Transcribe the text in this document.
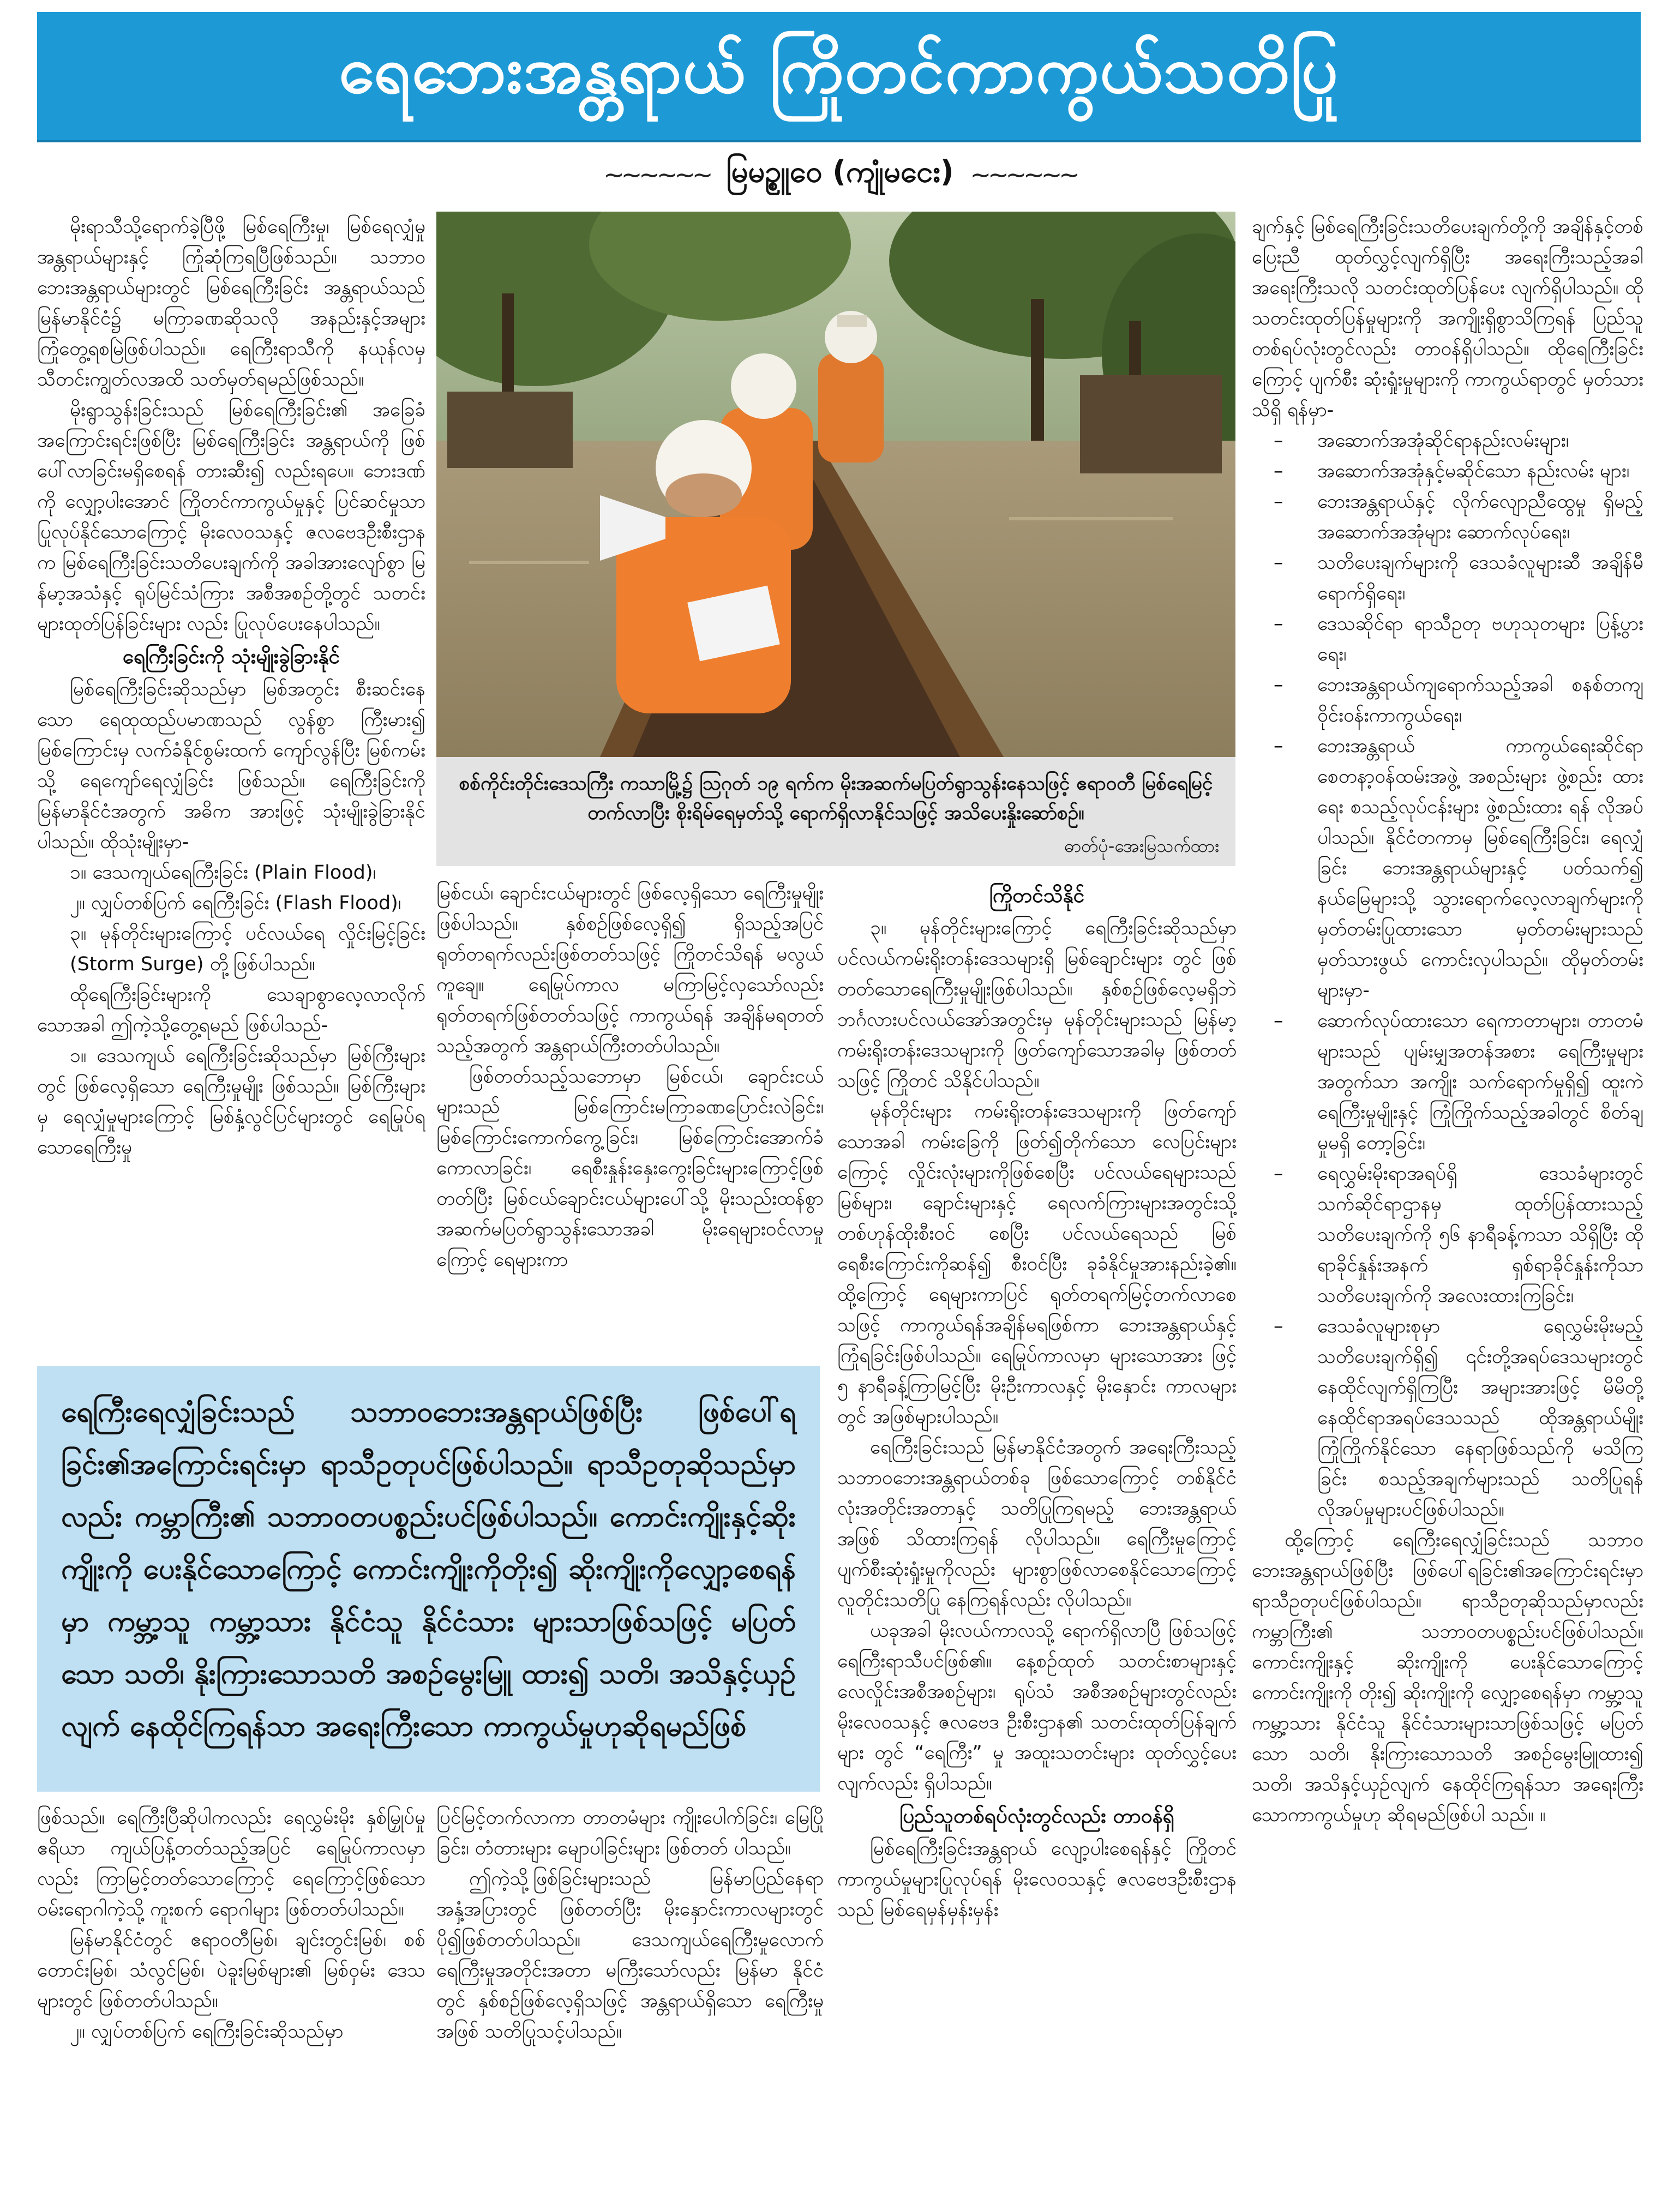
ရေဘေးအန္တရာယ် ကြိုတင်ကာကွယ်သတိပြု
~~~~~~ မြမဥ္စူဝေ (ကျုံမငေး) ~~~~~~

မိုးရာသီသို့ရောက်ခဲ့ပြီဖို့ မြစ်ရေကြီးမှု၊ မြစ်ရေလျှံမှု အန္တရာယ်များနှင့် ကြုံဆုံကြရပြီဖြစ်သည်။ သဘာဝဘေးအန္တရာယ်များတွင် မြစ်ရေကြီးခြင်း အန္တရာယ်သည် မြန်မာနိုင်ငံ၌ မကြာခဏဆိုသလို အနည်းနှင့်အများ ကြုံတွေ့ရစမြဲဖြစ်ပါသည်။ ရေကြီးရာသီကို နယုန်လမှ သီတင်းကျွတ်လအထိ သတ်မှတ်ရမည်ဖြစ်သည်။

မိုးရွာသွန်းခြင်းသည် မြစ်ရေကြီးခြင်း၏ အခြေခံအကြောင်းရင်းဖြစ်ပြီး မြစ်ရေကြီးခြင်း အန္တရာယ်ကို ဖြစ်ပေါ်လာခြင်းမရှိစေရန် တားဆီး၍ လည်းရပေ။ ဘေးဒဏ်ကို လျှော့ပါးအောင် ကြိုတင်ကာကွယ်မှုနှင့် ပြင်ဆင်မှုသာ ပြုလုပ်နိုင်သောကြောင့် မိုးလေဝသနှင့် ဇလဗေဒဦးစီးဌာနက မြစ်ရေကြီးခြင်းသတိပေးချက်ကို အခါအားလျော်စွာ မြန်မာ့အသံနှင့် ရုပ်မြင်သံကြား အစီအစဉ်တို့တွင် သတင်းများထုတ်ပြန်ခြင်းများ လည်း ပြုလုပ်ပေးနေပါသည်။

ရေကြီးခြင်းကို သုံးမျိုးခွဲခြားနိုင်

မြစ်ရေကြီးခြင်းဆိုသည်မှာ မြစ်အတွင်း စီးဆင်းနေသော ရေထုထည်ပမာဏသည် လွန်စွာ ကြီးမား၍ မြစ်ကြောင်းမှ လက်ခံနိုင်စွမ်းထက် ကျော်လွန်ပြီး မြစ်ကမ်းသို့ ရေကျော်ရေလျှံခြင်း ဖြစ်သည်။ ရေကြီးခြင်းကို မြန်မာနိုင်ငံအတွက် အဓိက အားဖြင့် သုံးမျိုးခွဲခြားနိုင်ပါသည်။ ထိုသုံးမျိုးမှာ-

၁။ ဒေသကျယ်ရေကြီးခြင်း (Plain Flood)၊

၂။ လျှပ်တစ်ပြက် ရေကြီးခြင်း (Flash Flood)၊

၃။ မုန်တိုင်းများကြောင့် ပင်လယ်ရေ လှိုင်းမြင့်ခြင်း (Storm Surge) တို့ဖြစ်ပါသည်။

ထိုရေကြီးခြင်းများကို သေချာစွာလေ့လာလိုက် သောအခါ ဤကဲ့သို့တွေ့ရမည် ဖြစ်ပါသည်-

၁။ ဒေသကျယ် ရေကြီးခြင်းဆိုသည်မှာ မြစ်ကြီးများတွင် ဖြစ်လေ့ရှိသော ရေကြီးမှုမျိုး ဖြစ်သည်။ မြစ်ကြီးများမှ ရေလျှံမှုများကြောင့် မြစ်နှံ့လွင်ပြင်များတွင် ရေမြုပ်ရသောရေကြီးမှု

စစ်ကိုင်းတိုင်းဒေသကြီး ကသာမြို့၌ ဩဂုတ် ၁၉ ရက်က မိုးအဆက်မပြတ်ရွာသွန်းနေသဖြင့် ဧရာဝတီ မြစ်ရေမြင့်တက်လာပြီး စိုးရိမ်ရေမှတ်သို့ ရောက်ရှိလာနိုင်သဖြင့် အသိပေးနှိုးဆော်စဉ်။
ဓာတ်ပုံ-အေးမြသက်ထား

မြစ်ငယ်၊ ချောင်းငယ်များတွင် ဖြစ်လေ့ရှိသော ရေကြီးမှုမျိုးဖြစ်ပါသည်။ နှစ်စဉ်ဖြစ်လေ့ရှိ၍ ရှိသည့်အပြင် ရုတ်တရက်လည်းဖြစ်တတ်သဖြင့် ကြိုတင်သိရန် မလွယ်ကူချေ။ ရေမြုပ်ကာလ မကြာမြင့်လှသော်လည်း ရုတ်တရက်ဖြစ်တတ်သဖြင့် ကာကွယ်ရန် အချိန်မရတတ်သည့်အတွက် အန္တရာယ်ကြီးတတ်ပါသည်။

ဖြစ်တတ်သည့်သဘောမှာ မြစ်ငယ်၊ ချောင်းငယ်များသည် မြစ်ကြောင်းမကြာခဏပြောင်းလဲခြင်း၊ မြစ်ကြောင်းကောက်ကွေ့ခြင်း၊ မြစ်ကြောင်းအောက်ခံကောလာခြင်း၊ ရေစီးနှုန်းနှေးကွေးခြင်းများကြောင့်ဖြစ်တတ်ပြီး မြစ်ငယ်ချောင်းငယ်များပေါ်သို့ မိုးသည်းထန်စွာ အဆက်မပြတ်ရွာသွန်းသောအခါ မိုးရေများဝင်လာမှုကြောင့် ရေများကာ

ကြိုတင်သိနိုင်

၃။ မုန်တိုင်းများကြောင့် ရေကြီးခြင်းဆိုသည်မှာ ပင်လယ်ကမ်းရိုးတန်းဒေသများရှိ မြစ်ချောင်းများ တွင် ဖြစ်တတ်သောရေကြီးမှုမျိုးဖြစ်ပါသည်။ နှစ်စဉ်ဖြစ်လေ့မရှိဘဲ ဘင်္ဂလားပင်လယ်အော်အတွင်းမှ မုန်တိုင်းများသည် မြန်မာ့ကမ်းရိုးတန်းဒေသများကို ဖြတ်ကျော်သောအခါမှ ဖြစ်တတ်သဖြင့် ကြိုတင် သိနိုင်ပါသည်။

မုန်တိုင်းများ ကမ်းရိုးတန်းဒေသများကို ဖြတ်ကျော်သောအခါ ကမ်းခြေကို ဖြတ်၍တိုက်သော လေပြင်းများကြောင့် လှိုင်းလုံးများကိုဖြစ်စေပြီး ပင်လယ်ရေများသည် မြစ်များ၊ ချောင်းများနှင့် ရေလက်ကြားများအတွင်းသို့ တစ်ဟုန်ထိုးစီးဝင် စေပြီး ပင်လယ်ရေသည် မြစ်ရေစီးကြောင်းကိုဆန်၍ စီးဝင်ပြီး ခုခံနိုင်မှုအားနည်းခဲ့၏။ ထို့ကြောင့် ရေများကာပြင် ရုတ်တရက်မြင့်တက်လာစေသဖြင့် ကာကွယ်ရန်အချိန်မရဖြစ်ကာ ဘေးအန္တရာယ်နှင့် ကြုံရခြင်းဖြစ်ပါသည်။ ရေမြုပ်ကာလမှာ များသောအား ဖြင့် ၅ နာရီခန့်ကြာမြင့်ပြီး မိုးဦးကာလနှင့် မိုးနှောင်း ကာလများတွင် အဖြစ်များပါသည်။

ရေကြီးခြင်းသည် မြန်မာနိုင်ငံအတွက် အရေးကြီးသည့် သဘာဝဘေးအန္တရာယ်တစ်ခု ဖြစ်သောကြောင့် တစ်နိုင်ငံလုံးအတိုင်းအတာနှင့် သတိပြုကြရမည့် ဘေးအန္တရာယ်အဖြစ် သိထားကြရန် လိုပါသည်။ ရေကြီးမှုကြောင့် ပျက်စီးဆုံးရှုံးမှုကိုလည်း များစွာဖြစ်လာစေနိုင်သောကြောင့် လူတိုင်းသတိပြု နေကြရန်လည်း လိုပါသည်။

ယခုအခါ မိုးလယ်ကာလသို့ ရောက်ရှိလာပြီ ဖြစ်သဖြင့် ရေကြီးရာသီပင်ဖြစ်၏။ နေ့စဉ်ထုတ် သတင်းစာများနှင့် လေလှိုင်းအစီအစဉ်များ၊ ရုပ်သံ အစီအစဉ်များတွင်လည်း မိုးလေဝသနှင့် ဇလဗေဒ ဦးစီးဌာန၏ သတင်းထုတ်ပြန်ချက်များ တွင် “ရေကြီး” မှု အထူးသတင်းများ ထုတ်လွှင့်ပေး လျက်လည်း ရှိပါသည်။

ပြည်သူတစ်ရပ်လုံးတွင်လည်း တာဝန်ရှိ

မြစ်ရေကြီးခြင်းအန္တရာယ် လျော့ပါးစေရန်နှင့် ကြိုတင်ကာကွယ်မှုများပြုလုပ်ရန် မိုးလေဝသနှင့် ဇလဗေဒဦးစီးဌာနသည် မြစ်ရေမှန်မှန်းမှန်း

ချက်နှင့် မြစ်ရေကြီးခြင်းသတိပေးချက်တို့ကို အချိန်နှင့်တစ်ပြေးညီ ထုတ်လွှင့်လျက်ရှိပြီး အရေးကြီးသည့်အခါ အရေးကြီးသလို သတင်းထုတ်ပြန်ပေး လျက်ရှိပါသည်။ ထိုသတင်းထုတ်ပြန်မှုများကို အကျိုးရှိစွာသိကြရန် ပြည်သူတစ်ရပ်လုံးတွင်လည်း တာဝန်ရှိပါသည်။ ထိုရေကြီးခြင်းကြောင့် ပျက်စီး ဆုံးရှုံးမှုများကို ကာကွယ်ရာတွင် မှတ်သားသိရှိ ရန်မှာ-

– အဆောက်အအုံဆိုင်ရာနည်းလမ်းများ၊
– အဆောက်အအုံနှင့်မဆိုင်သော နည်းလမ်း များ၊
– ဘေးအန္တရာယ်နှင့် လိုက်လျောညီထွေမှု ရှိမည့် အဆောက်အအုံများ ဆောက်လုပ်ရေး၊
– သတိပေးချက်များကို ဒေသခံလူများဆီ အချိန်မီရောက်ရှိရေး၊
– ဒေသဆိုင်ရာ ရာသီဥတု ဗဟုသုတများ ပြန့်ပွားရေး၊
– ဘေးအန္တရာယ်ကျရောက်သည့်အခါ စနစ်တကျ ဝိုင်းဝန်းကာကွယ်ရေး၊
– ဘေးအန္တရာယ် ကာကွယ်ရေးဆိုင်ရာ စေတနာ့ဝန်ထမ်းအဖွဲ့ အစည်းများ ဖွဲ့စည်း ထားရေး စသည့်လုပ်ငန်းများ ဖွဲ့စည်းထား ရန် လိုအပ်ပါသည်။ နိုင်ငံတကာမှ မြစ်ရေကြီးခြင်း၊ ရေလျှံခြင်း ဘေးအန္တရာယ်များနှင့် ပတ်သက်၍ နယ်မြေများသို့ သွားရောက်လေ့လာချက်များကို မှတ်တမ်းပြုထားသော မှတ်တမ်းများသည် မှတ်သားဖွယ် ကောင်းလှပါသည်။ ထိုမှတ်တမ်း များမှာ-
– ဆောက်လုပ်ထားသော ရေကာတာများ၊ တာတမံများသည် ပျမ်းမျှအတန်အစား ရေကြီးမှုများအတွက်သာ အကျိုး သက်ရောက်မှုရှိ၍ ထူးကဲရေကြီးမှုမျိုးနှင့် ကြုံကြိုက်သည့်အခါတွင် စိတ်ချမှုမရှိ တော့ခြင်း၊
– ရေလွှမ်းမိုးရာအရပ်ရှိ ဒေသခံများတွင် သက်ဆိုင်ရာဌာနမှ ထုတ်ပြန်ထားသည့် သတိပေးချက်ကို ၅၆ နာရီခန့်ကသာ သိရှိပြီး ထိုရာခိုင်နှုန်းအနက် ရှစ်ရာခိုင်နှုန်းကိုသာ သတိပေးချက်ကို အလေးထားကြခြင်း၊
– ဒေသခံလူများစုမှာ ရေလွှမ်းမိုးမည့် သတိပေးချက်ရှိ၍ ၎င်းတို့အရပ်ဒေသများတွင် နေထိုင်လျက်ရှိကြပြီး အများအားဖြင့် မိမိတို့နေထိုင်ရာအရပ်ဒေသသည် ထိုအန္တရာယ်မျိုး ကြုံကြိုက်နိုင်သော နေရာဖြစ်သည်ကို မသိကြခြင်း စသည့်အချက်များသည် သတိပြုရန် လိုအပ်မှုများပင်ဖြစ်ပါသည်။

ထို့ကြောင့် ရေကြီးရေလျှံခြင်းသည် သဘာဝဘေးအန္တရာယ်ဖြစ်ပြီး ဖြစ်ပေါ်ရခြင်း၏အကြောင်းရင်းမှာ ရာသီဥတုပင်ဖြစ်ပါသည်။ ရာသီဥတုဆိုသည်မှာလည်း ကမ္ဘာကြီး၏ သဘာဝတပစ္စည်းပင်ဖြစ်ပါသည်။ ကောင်းကျိုးနှင့် ဆိုးကျိုးကို ပေးနိုင်သောကြောင့် ကောင်းကျိုးကို တိုး၍ ဆိုးကျိုးကို လျှော့စေရန်မှာ ကမ္ဘာ့သူ ကမ္ဘာ့သား နိုင်ငံသူ နိုင်ငံသားများသာဖြစ်သဖြင့် မပြတ်သော သတိ၊ နိုးကြားသောသတိ အစဉ်မွေးမြူထား၍ သတိ၊ အသိနှင့်ယှဉ်လျက် နေထိုင်ကြရန်သာ အရေးကြီးသောကာကွယ်မှုဟု ဆိုရမည်ဖြစ်ပါ သည်။ ။

ရေကြီးရေလျှံခြင်းသည် သဘာဝဘေးအန္တရာယ်ဖြစ်ပြီး ဖြစ်ပေါ်ရခြင်း၏အကြောင်းရင်းမှာ ရာသီဥတုပင်ဖြစ်ပါသည်။ ရာသီဥတုဆိုသည်မှာလည်း ကမ္ဘာကြီး၏ သဘာဝတပစ္စည်းပင်ဖြစ်ပါသည်။ ကောင်းကျိုးနှင့်ဆိုးကျိုးကို ပေးနိုင်သောကြောင့် ကောင်းကျိုးကိုတိုး၍ ဆိုးကျိုးကိုလျှော့စေရန်မှာ ကမ္ဘာ့သူ ကမ္ဘာ့သား နိုင်ငံသူ နိုင်ငံသား များသာဖြစ်သဖြင့် မပြတ်သော သတိ၊ နိုးကြားသောသတိ အစဉ်မွေးမြူ ထား၍ သတိ၊ အသိနှင့်ယှဉ်လျက် နေထိုင်ကြရန်သာ အရေးကြီးသော ကာကွယ်မှုဟုဆိုရမည်ဖြစ်

ဖြစ်သည်။ ရေကြီးပြီဆိုပါကလည်း ရေလွှမ်းမိုး နှစ်မြှုပ်မှုဧရိယာ ကျယ်ပြန့်တတ်သည့်အပြင် ရေမြုပ်ကာလမှာလည်း ကြာမြင့်တတ်သောကြောင့် ရေကြောင့်ဖြစ်သော ဝမ်းရောဂါကဲ့သို့ ကူးစက် ရောဂါများ ဖြစ်တတ်ပါသည်။

မြန်မာနိုင်ငံတွင် ဧရာဝတီမြစ်၊ ချင်းတွင်းမြစ်၊ စစ်တောင်းမြစ်၊ သံလွင်မြစ်၊ ပဲခူးမြစ်များ၏ မြစ်ဝှမ်း ဒေသများတွင် ဖြစ်တတ်ပါသည်။

၂။ လျှပ်တစ်ပြက် ရေကြီးခြင်းဆိုသည်မှာ

ပြင်မြင့်တက်လာကာ တာတမံများ ကျိုးပေါက်ခြင်း၊ မြေပြိုခြင်း၊ တံတားများ မျောပါခြင်းများ ဖြစ်တတ် ပါသည်။

ဤကဲ့သို့ဖြစ်ခြင်းများသည် မြန်မာပြည်နေရာ အနှံ့အပြားတွင် ဖြစ်တတ်ပြီး မိုးနှောင်းကာလများတွင် ပို၍ဖြစ်တတ်ပါသည်။ ဒေသကျယ်ရေကြီးမှုလောက် ရေကြီးမှုအတိုင်းအတာ မကြီးသော်လည်း မြန်မာ နိုင်ငံတွင် နှစ်စဉ်ဖြစ်လေ့ရှိသဖြင့် အန္တရာယ်ရှိသော ရေကြီးမှုအဖြစ် သတိပြုသင့်ပါသည်။
